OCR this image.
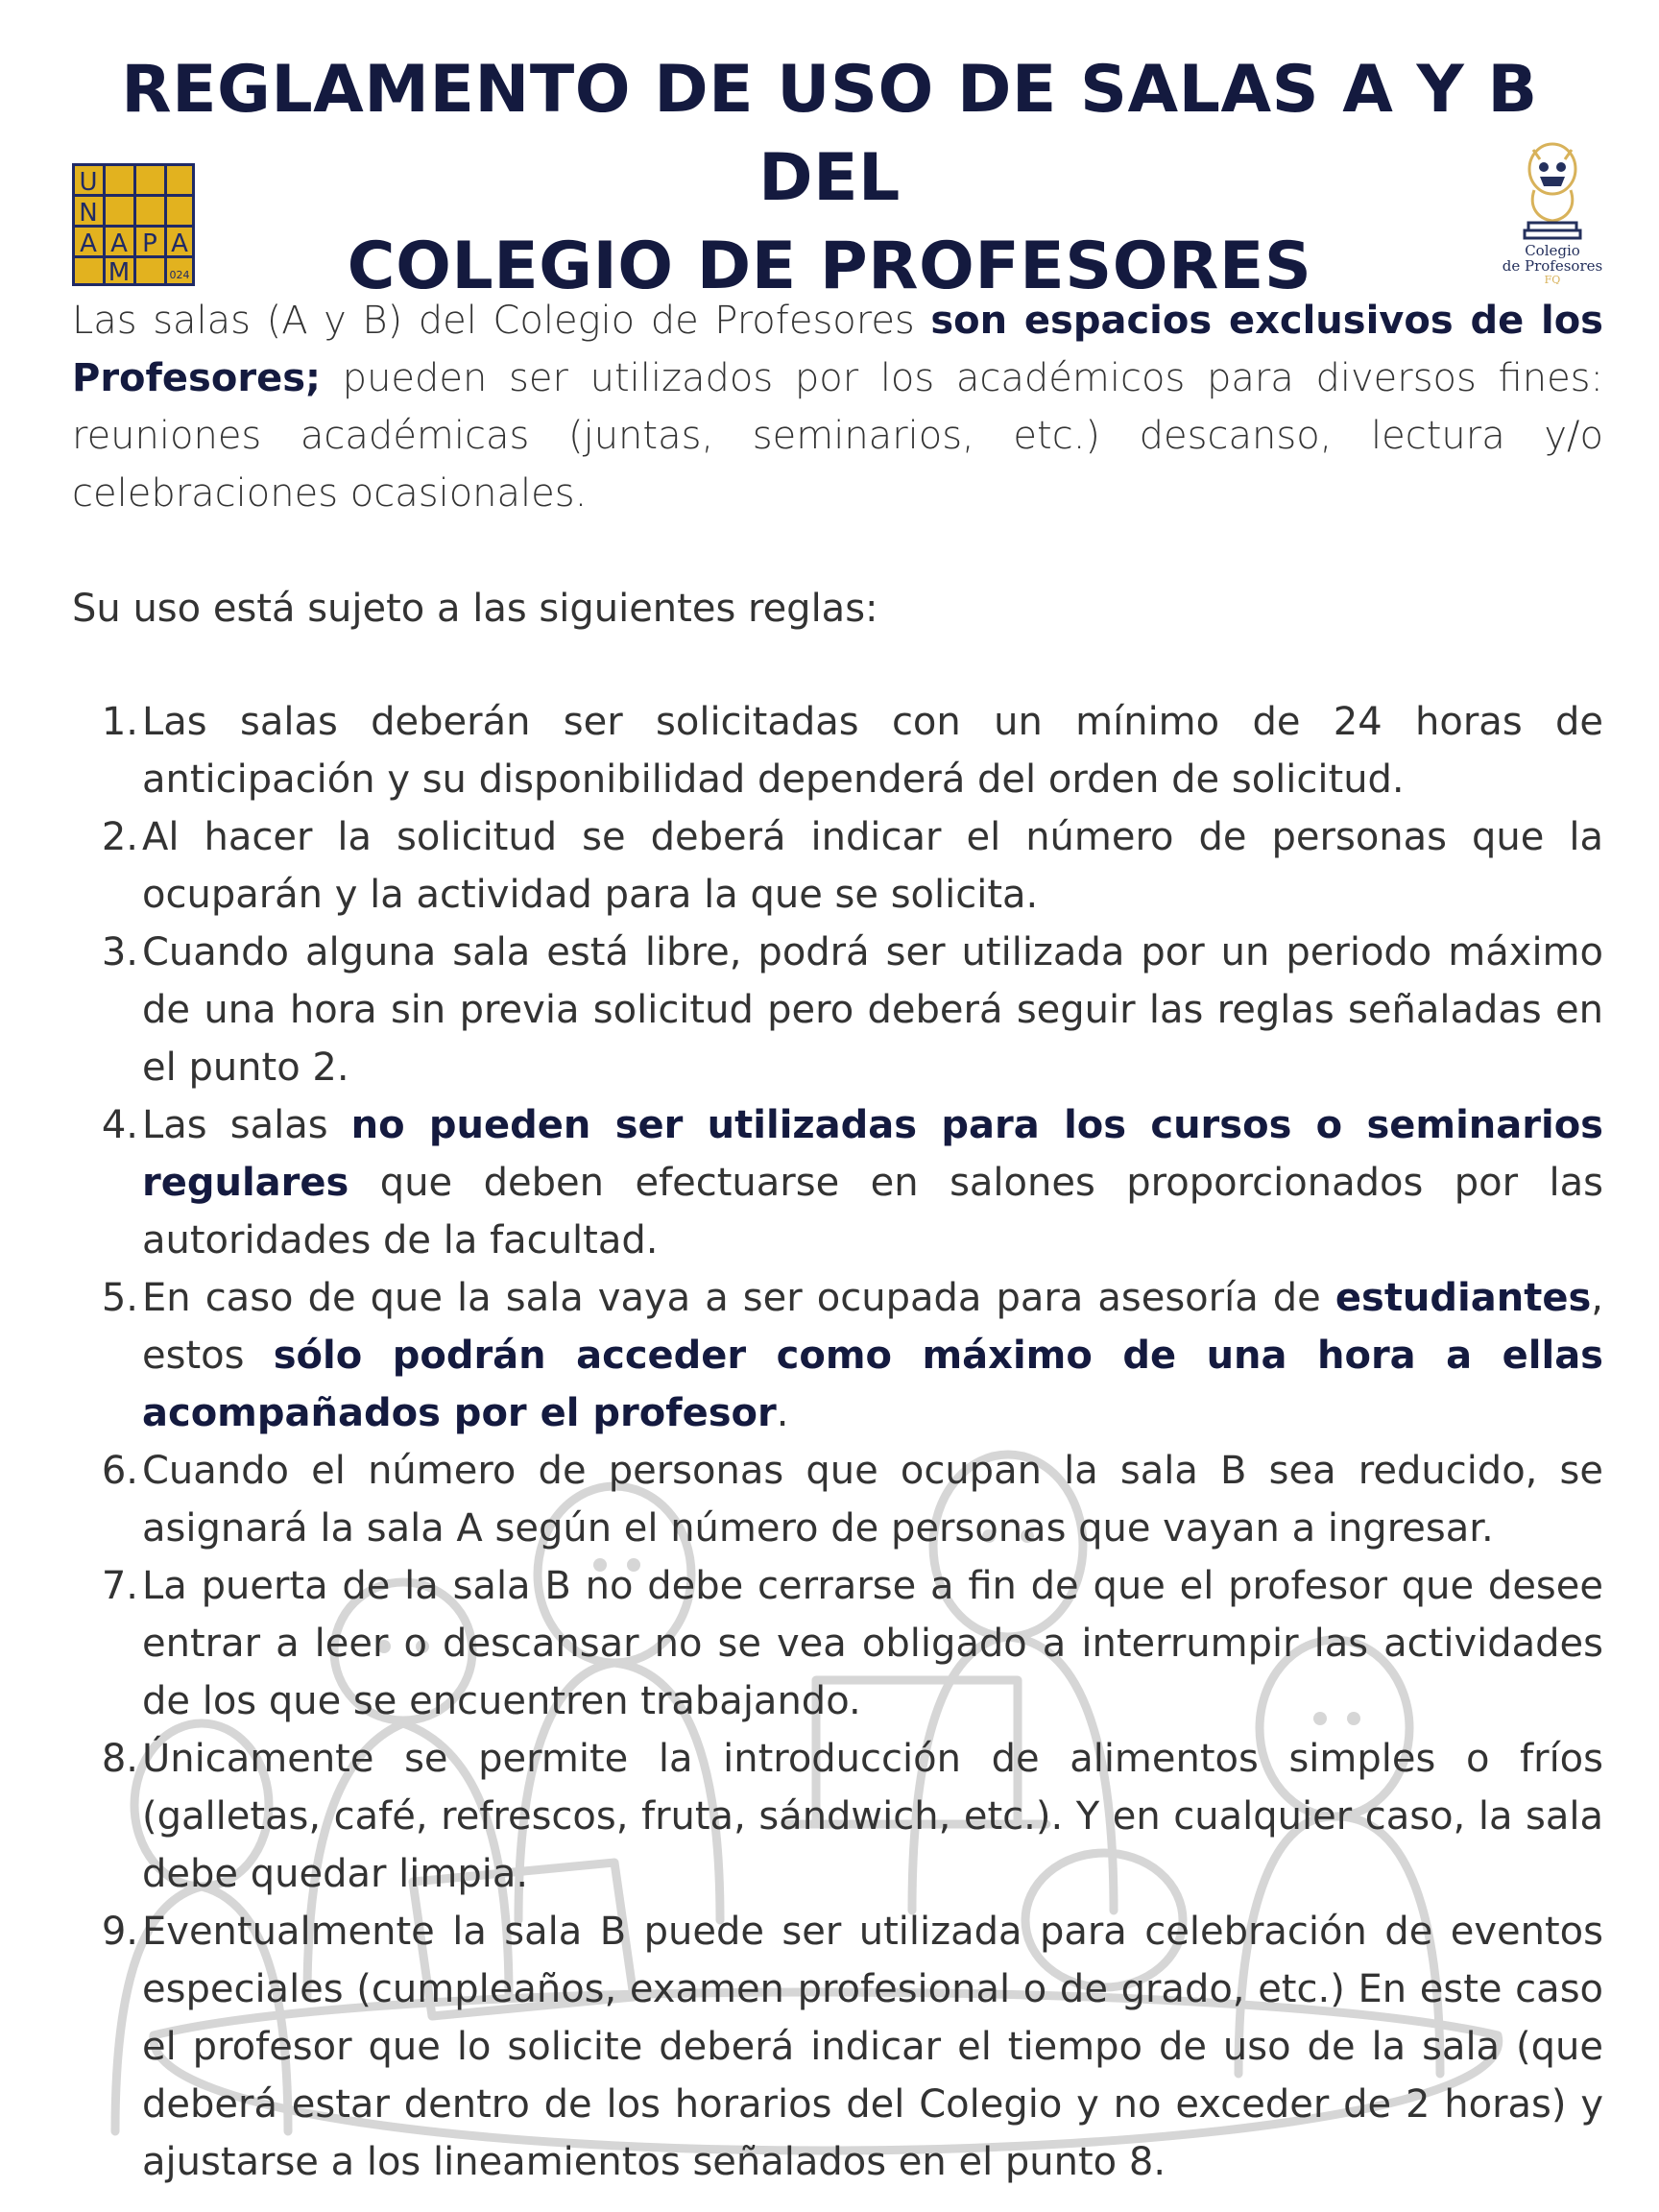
REGLAMENTO DE USO DE SALAS A Y B DEL
COLEGIO DE PROFESORES
U
N
A A P A
M	024
Colegio
de Profesores
FQ

Las salas (A y B) del Colegio de Profesores son espacios exclusivos de los Profesores; pueden ser utilizados por los académicos para diversos fines: reuniones académicas (juntas, seminarios, etc.) descanso, lectura y/o celebraciones ocasionales.

Su uso está sujeto a las siguientes reglas:

1. Las salas deberán ser solicitadas con un mínimo de 24 horas de anticipación y su disponibilidad dependerá del orden de solicitud.
2. Al hacer la solicitud se deberá indicar el número de personas que la ocuparán y la actividad para la que se solicita.
3. Cuando alguna sala está libre, podrá ser utilizada por un periodo máximo de una hora sin previa solicitud pero deberá seguir las reglas señaladas en el punto 2.
4. Las salas no pueden ser utilizadas para los cursos o seminarios regulares que deben efectuarse en salones proporcionados por las autoridades de la facultad.
5. En caso de que la sala vaya a ser ocupada para asesoría de estudiantes, estos sólo podrán acceder como máximo de una hora a ellas acompañados por el profesor.
6. Cuando el número de personas que ocupan la sala B sea reducido, se asignará la sala A según el número de personas que vayan a ingresar.
7. La puerta de la sala B no debe cerrarse a fin de que el profesor que desee entrar a leer o descansar no se vea obligado a interrumpir las actividades de los que se encuentren trabajando.
8. Únicamente se permite la introducción de alimentos simples o fríos (galletas, café, refrescos, fruta, sándwich, etc.). Y en cualquier caso, la sala debe quedar limpia.
9. Eventualmente la sala B puede ser utilizada para celebración de eventos especiales (cumpleaños, examen profesional o de grado, etc.) En este caso el profesor que lo solicite deberá indicar el tiempo de uso de la sala (que deberá estar dentro de los horarios del Colegio y no exceder de 2 horas) y ajustarse a los lineamientos señalados en el punto 8.
